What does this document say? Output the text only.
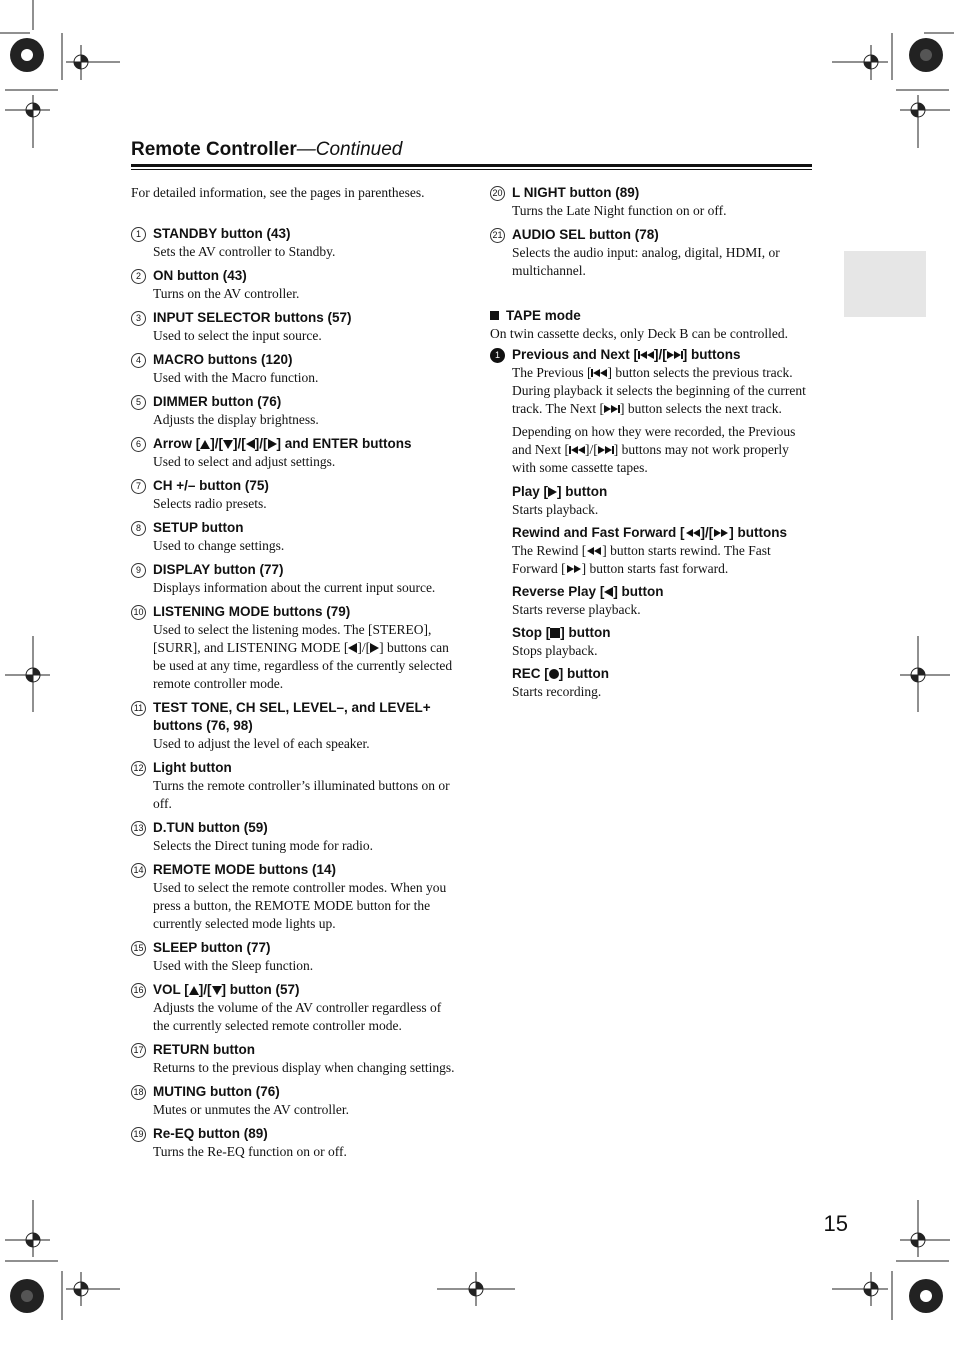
Remote Controller—Continued
15

For detailed information, see the pages in parentheses.

1 STANDBY button (43)

Sets the AV controller to Standby.

2 ON button (43)

Turns on the AV controller.

3 INPUT SELECTOR buttons (57)

Used to select the input source.

4 MACRO buttons (120)

Used with the Macro function.

5 DIMMER button (76)

Adjusts the display brightness.

6 Arrow [ ]/[ ]/[ ]/[ ] and ENTER buttons

Used to select and adjust settings.

7 CH +/– button (75)

Selects radio presets.

8 SETUP button

Used to change settings.

9 DISPLAY button (77)

Displays information about the current input source.

10 LISTENING MODE buttons (79)

Used to select the listening modes. The [STEREO], [SURR], and LISTENING MODE [ ]/[ ] buttons can be used at any time, regardless of the currently selected remote controller mode.

11 TEST TONE, CH SEL, LEVEL–, and LEVEL+ buttons (76, 98)

Used to adjust the level of each speaker.

12 Light button

Turns the remote controller’s illuminated buttons on or off.

13 D.TUN button (59)

Selects the Direct tuning mode for radio.

14 REMOTE MODE buttons (14)

Used to select the remote controller modes. When you press a button, the REMOTE MODE button for the currently selected mode lights up.

15 SLEEP button (77)

Used with the Sleep function.

16 VOL [ ]/[ ] button (57)

Adjusts the volume of the AV controller regardless of the currently selected remote controller mode.

17 RETURN button

Returns to the previous display when changing settings.

18 MUTING button (76)

Mutes or unmutes the AV controller.

19 Re-EQ button (89)

Turns the Re-EQ function on or off.

20 L NIGHT button (89)

Turns the Late Night function on or off.

21 AUDIO SEL button (78)

Selects the audio input: analog, digital, HDMI, or multichannel.

TAPE mode

On twin cassette decks, only Deck B can be controlled.

1 Previous and Next [ ]/[ ] buttons

The Previous [ ] button selects the previous track. During playback it selects the beginning of the current track. The Next [ ] button selects the next track.

Depending on how they were recorded, the Previous and Next [ ]/[ ] buttons may not work properly with some cassette tapes.

Play [ ] button

Starts playback.

Rewind and Fast Forward [ ]/[ ] buttons

The Rewind [ ] button starts rewind. The Fast Forward [ ] button starts fast forward.

Reverse Play [ ] button

Starts reverse playback.

Stop [ ] button

Stops playback.

REC [ ] button

Starts recording.
